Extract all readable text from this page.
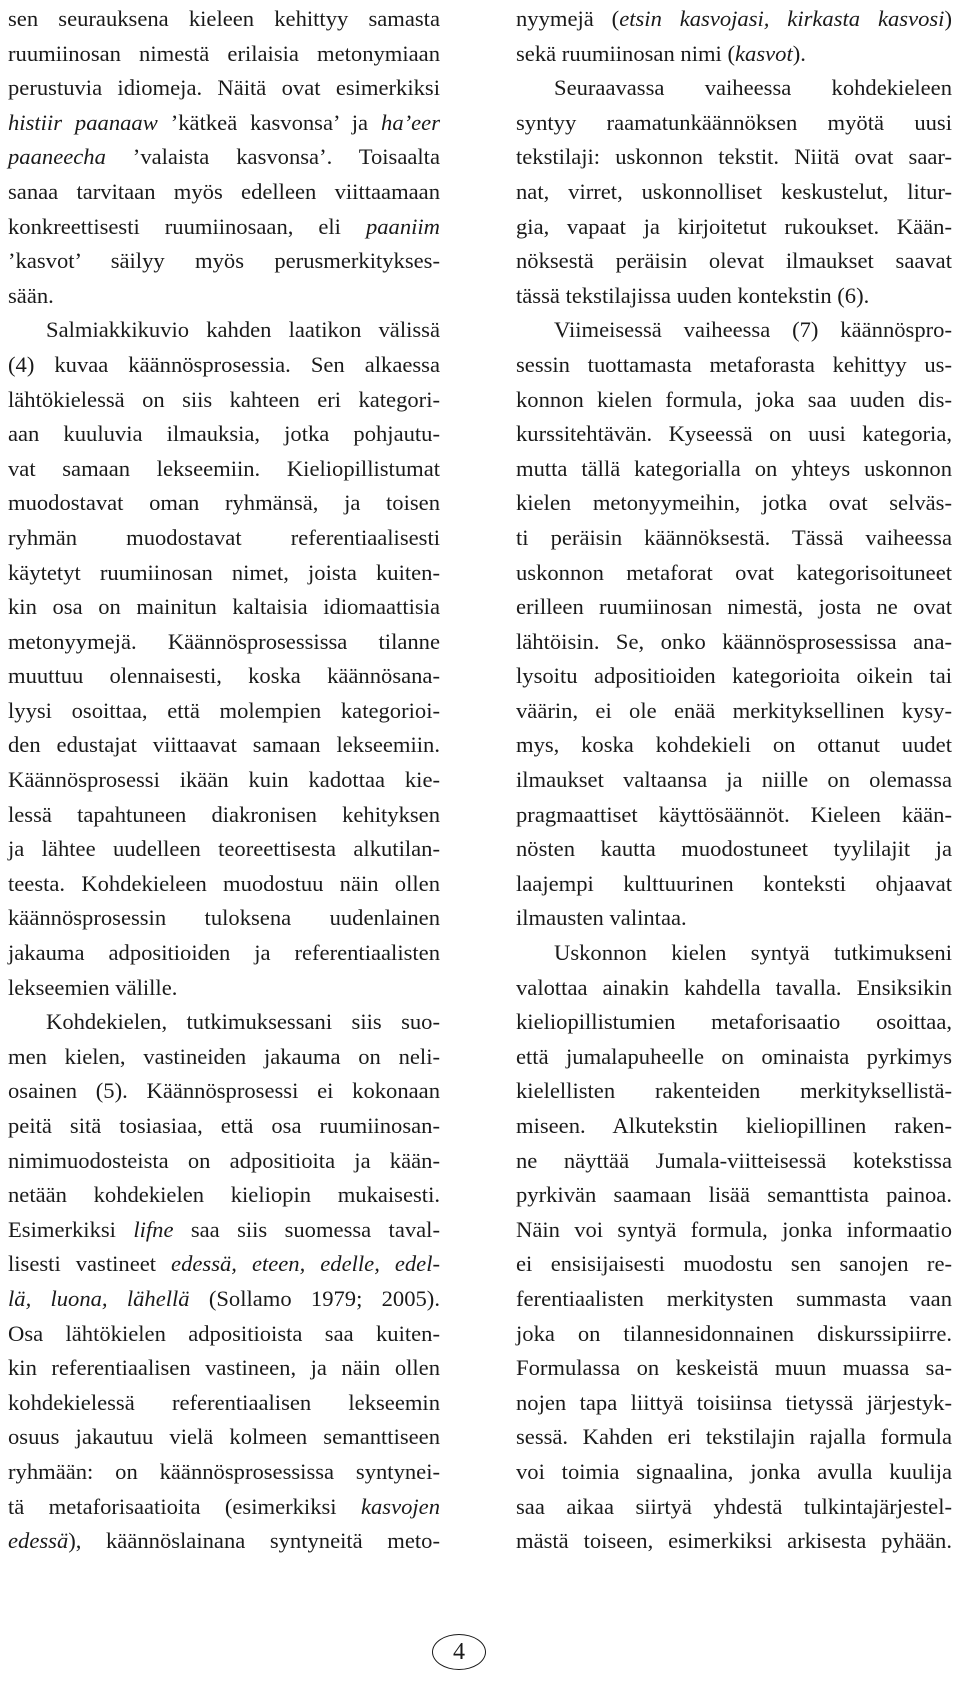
sen seurauksena kieleen kehittyy samasta
ruumiinosan nimestä erilaisia metonymiaan
perustuvia idiomeja. Näitä ovat esimerkiksi
histiir paanaaw ’kätkeä kasvonsa’ ja ha’eer
paaneecha ’valaista kasvonsa’. Toisaalta
sanaa tarvitaan myös edelleen viittaamaan
konkreettisesti ruumiinosaan, eli paaniim
’kasvot’ säilyy myös perusmerkitykses-
sään.
Salmiakkikuvio kahden laatikon välissä
(4) kuvaa käännösprosessia. Sen alkaessa
lähtökielessä on siis kahteen eri kategori-
aan kuuluvia ilmauksia, jotka pohjautu-
vat samaan lekseemiin. Kieliopillistumat
muodostavat oman ryhmänsä, ja toisen
ryhmän muodostavat referentiaalisesti
käytetyt ruumiinosan nimet, joista kuiten-
kin osa on mainitun kaltaisia idiomaattisia
metonyymejä. Käännösprosessissa tilanne
muuttuu olennaisesti, koska käännösana-
lyysi osoittaa, että molempien kategorioi-
den edustajat viittaavat samaan lekseemiin.
Käännösprosessi ikään kuin kadottaa kie-
lessä tapahtuneen diakronisen kehityksen
ja lähtee uudelleen teoreettisesta alkutilan-
teesta. Kohdekieleen muodostuu näin ollen
käännösprosessin tuloksena uudenlainen
jakauma adpositioiden ja referentiaalisten
lekseemien välille.
Kohdekielen, tutkimuksessani siis suo-
men kielen, vastineiden jakauma on neli-
osainen (5). Käännösprosessi ei kokonaan
peitä sitä tosiasiaa, että osa ruumiinosan-
nimimuodosteista on adpositioita ja kään-
netään kohdekielen kieliopin mukaisesti.
Esimerkiksi lifne saa siis suomessa taval-
lisesti vastineet edessä, eteen, edelle, edel-
lä, luona, lähellä (Sollamo 1979; 2005).
Osa lähtökielen adpositioista saa kuiten-
kin referentiaalisen vastineen, ja näin ollen
kohdekielessä referentiaalisen lekseemin
osuus jakautuu vielä kolmeen semanttiseen
ryhmään: on käännösprosessissa syntynei-
tä metaforisaatioita (esimerkiksi kasvojen
edessä), käännöslainana syntyneitä meto-
nyymejä (etsin kasvojasi, kirkasta kasvosi)
sekä ruumiinosan nimi (kasvot).
Seuraavassa vaiheessa kohdekieleen
syntyy raamatunkäännöksen myötä uusi
tekstilaji: uskonnon tekstit. Niitä ovat saar-
nat, virret, uskonnolliset keskustelut, litur-
gia, vapaat ja kirjoitetut rukoukset. Kään-
nöksestä peräisin olevat ilmaukset saavat
tässä tekstilajissa uuden kontekstin (6).
Viimeisessä vaiheessa (7) käännöspro-
sessin tuottamasta metaforasta kehittyy us-
konnon kielen formula, joka saa uuden dis-
kurssitehtävän. Kyseessä on uusi kategoria,
mutta tällä kategorialla on yhteys uskonnon
kielen metonyymeihin, jotka ovat selväs-
ti peräisin käännöksestä. Tässä vaiheessa
uskonnon metaforat ovat kategorisoituneet
erilleen ruumiinosan nimestä, josta ne ovat
lähtöisin. Se, onko käännösprosessissa ana-
lysoitu adpositioiden kategorioita oikein tai
väärin, ei ole enää merkityksellinen kysy-
mys, koska kohdekieli on ottanut uudet
ilmaukset valtaansa ja niille on olemassa
pragmaattiset käyttösäännöt. Kieleen kään-
nösten kautta muodostuneet tyylilajit ja
laajempi kulttuurinen konteksti ohjaavat
ilmausten valintaa.
Uskonnon kielen syntyä tutkimukseni
valottaa ainakin kahdella tavalla. Ensiksikin
kieliopillistumien metaforisaatio osoittaa,
että jumalapuheelle on ominaista pyrkimys
kielellisten rakenteiden merkityksellistä-
miseen. Alkutekstin kieliopillinen raken-
ne näyttää Jumala-viitteisessä kotekstissa
pyrkivän saamaan lisää semanttista painoa.
Näin voi syntyä formula, jonka informaatio
ei ensisijaisesti muodostu sen sanojen re-
ferentiaalisten merkitysten summasta vaan
joka on tilannesidonnainen diskurssipiirre.
Formulassa on keskeistä muun muassa sa-
nojen tapa liittyä toisiinsa tietyssä järjestyk-
sessä. Kahden eri tekstilajin rajalla formula
voi toimia signaalina, jonka avulla kuulija
saa aikaa siirtyä yhdestä tulkintajärjestel-
mästä toiseen, esimerkiksi arkisesta pyhään.
4
